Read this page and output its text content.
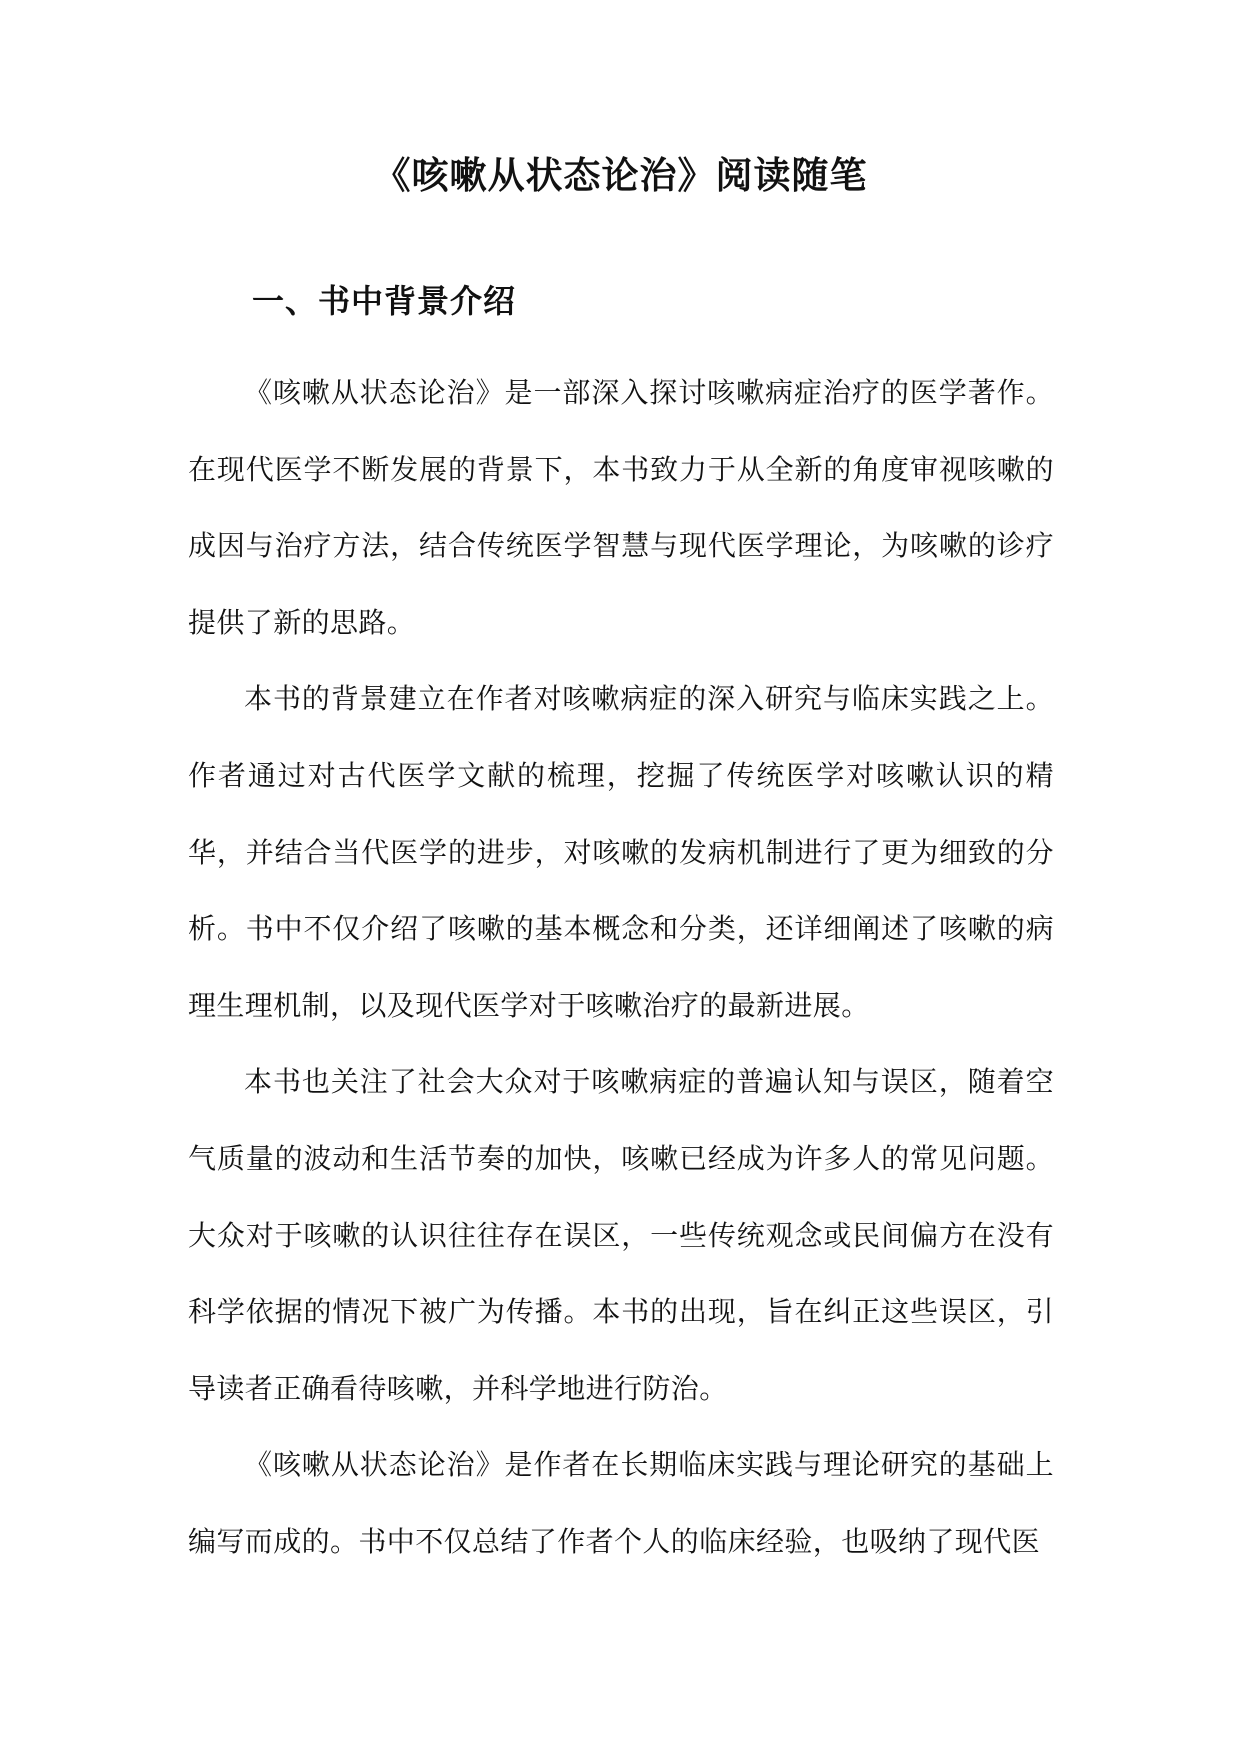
《咳嗽从状态论治》阅读随笔
一、书中背景介绍

《咳嗽从状态论治》是一部深入探讨咳嗽病症治疗的医学著作。在现代医学不断发展的背景下，本书致力于从全新的角度审视咳嗽的成因与治疗方法，结合传统医学智慧与现代医学理论，为咳嗽的诊疗提供了新的思路。

本书的背景建立在作者对咳嗽病症的深入研究与临床实践之上。作者通过对古代医学文献的梳理，挖掘了传统医学对咳嗽认识的精华，并结合当代医学的进步，对咳嗽的发病机制进行了更为细致的分析。书中不仅介绍了咳嗽的基本概念和分类，还详细阐述了咳嗽的病理生理机制，以及现代医学对于咳嗽治疗的最新进展。

本书也关注了社会大众对于咳嗽病症的普遍认知与误区，随着空气质量的波动和生活节奏的加快，咳嗽已经成为许多人的常见问题。大众对于咳嗽的认识往往存在误区，一些传统观念或民间偏方在没有科学依据的情况下被广为传播。本书的出现，旨在纠正这些误区，引导读者正确看待咳嗽，并科学地进行防治。

《咳嗽从状态论治》是作者在长期临床实践与理论研究的基础上编写而成的。书中不仅总结了作者个人的临床经验，也吸纳了现代医
